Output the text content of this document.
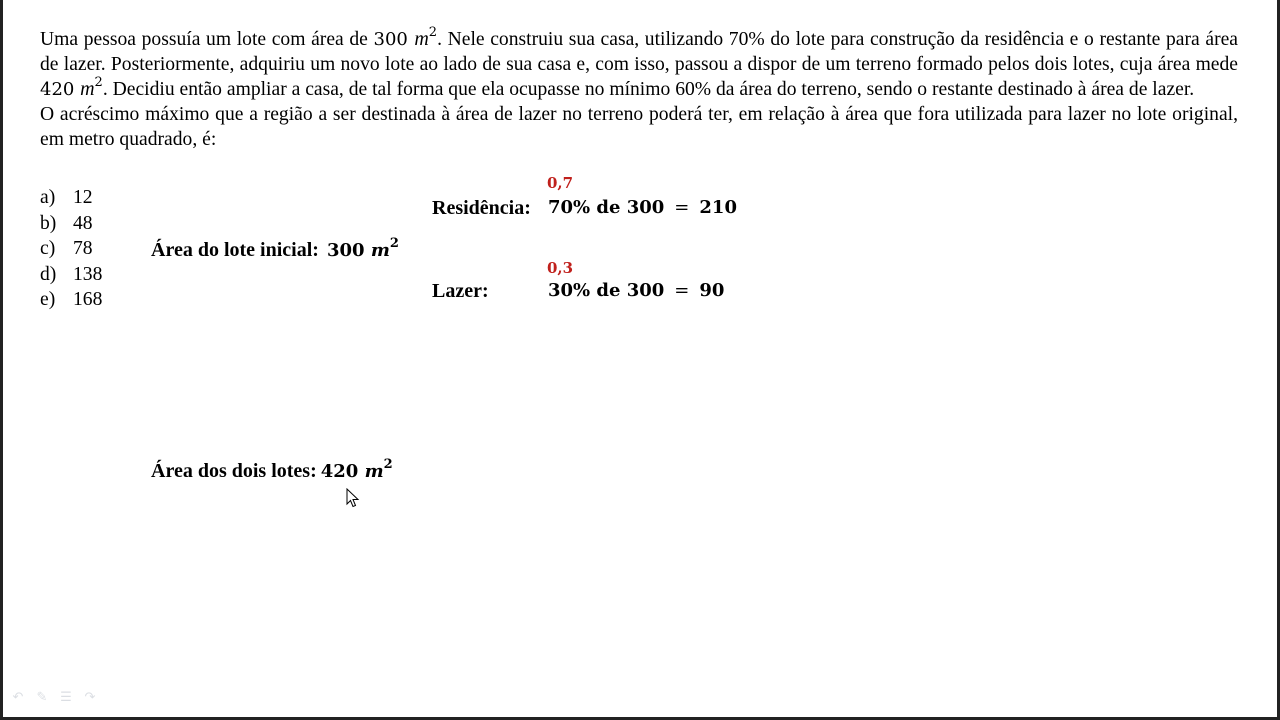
Uma pessoa possuía um lote com área de 300 $m^2$. Nele construiu sua casa, utilizando 70% do lote para construção da residência e o restante para área de lazer. Posteriormente, adquiriu um novo lote ao lado de sua casa e, com isso, passou a dispor de um terreno formado pelos dois lotes, cuja área mede 420 $m^2$. Decidiu então ampliar a casa, de tal forma que ela ocupasse no mínimo 60% da área do terreno, sendo o restante destinado à área de lazer.

O acréscimo máximo que a região a ser destinada à área de lazer no terreno poderá ter, em relação à área que fora utilizada para lazer no lote original, em metro quadrado, é:

a) 12
b) 48
c) 78
d) 138
e) 168
Área do lote inicial: 300 $m^2$
0,7
Residência: 70% de 300 = 210
0,3
Lazer:	30% de 300 = 90
Área dos dois lotes: 420 $m^2$
↶ ✎ ☰ ↷
